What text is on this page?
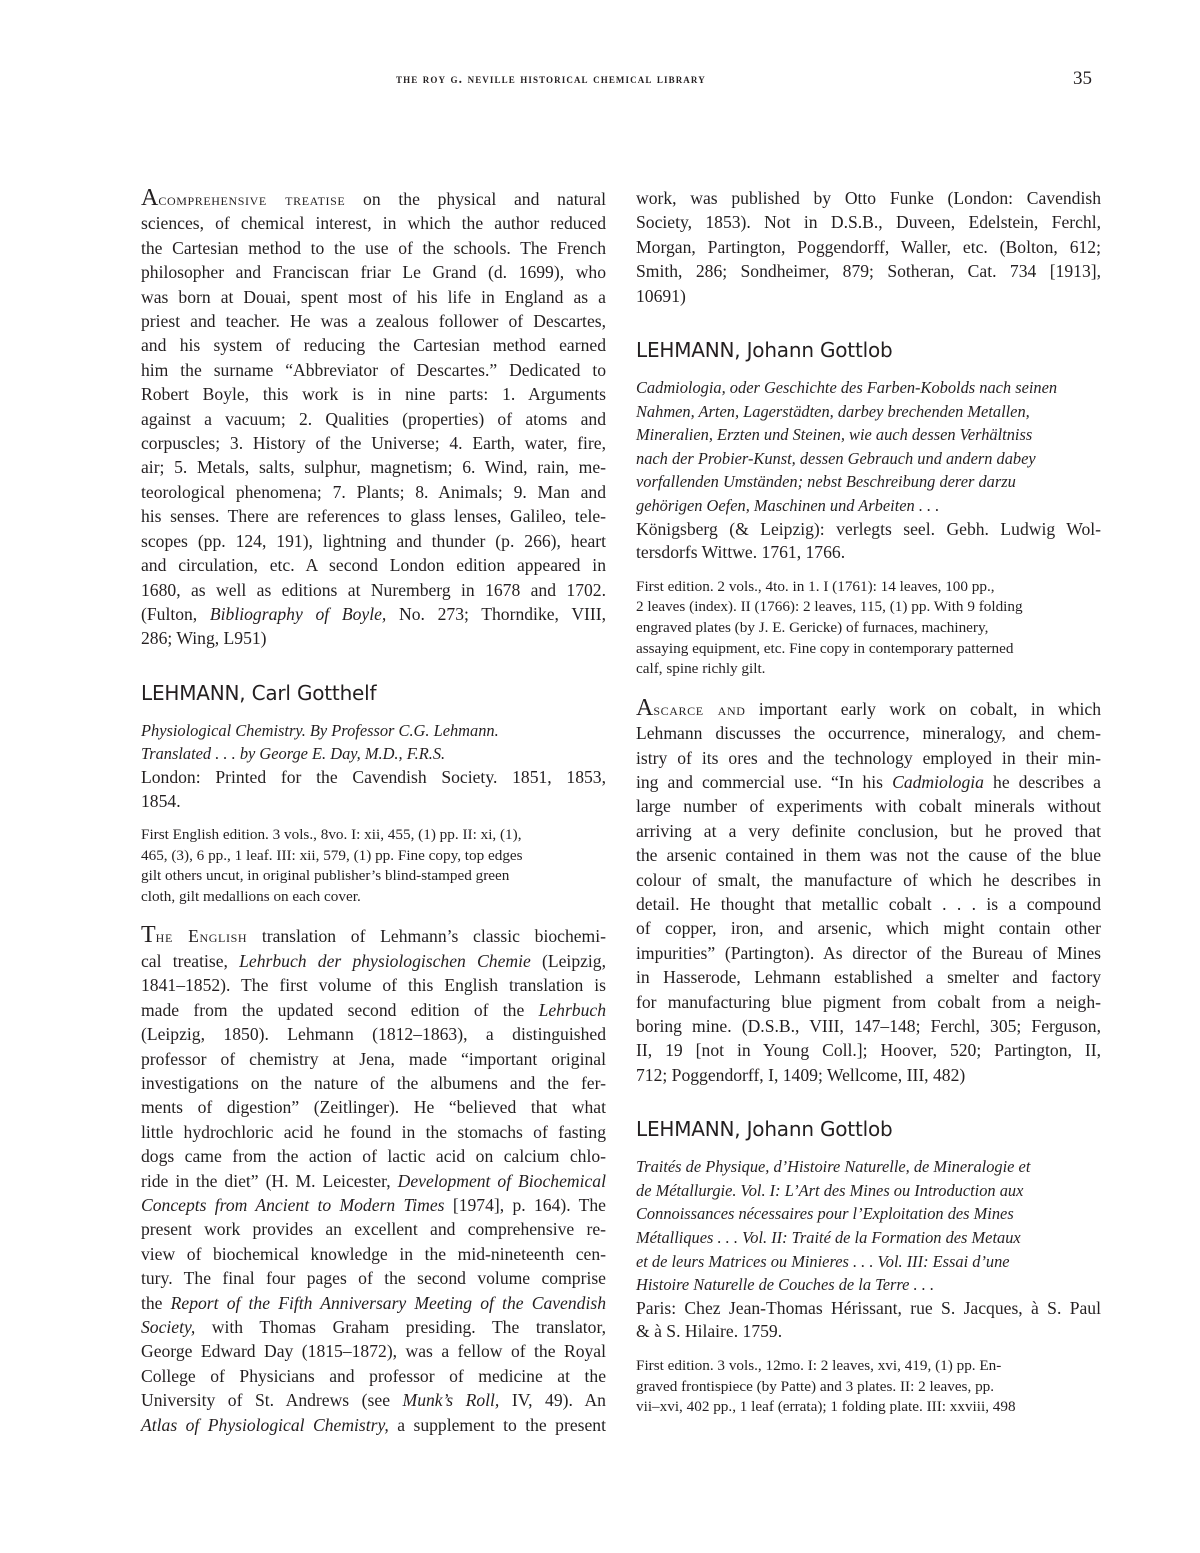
the roy g. neville historical chemical library	35

Acomprehensive treatise on the physical and natural
sciences, of chemical interest, in which the author reduced
the Cartesian method to the use of the schools. The French
philosopher and Franciscan friar Le Grand (d. 1699), who
was born at Douai, spent most of his life in England as a
priest and teacher. He was a zealous follower of Descartes,
and his system of reducing the Cartesian method earned
him the surname “Abbreviator of Descartes.” Dedicated to
Robert Boyle, this work is in nine parts: 1. Arguments
against a vacuum; 2. Qualities (properties) of atoms and
corpuscles; 3. History of the Universe; 4. Earth, water, fire,
air; 5. Metals, salts, sulphur, magnetism; 6. Wind, rain, me-
teorological phenomena; 7. Plants; 8. Animals; 9. Man and
his senses. There are references to glass lenses, Galileo, tele-
scopes (pp. 124, 191), lightning and thunder (p. 266), heart
and circulation, etc. A second London edition appeared in
1680, as well as editions at Nuremberg in 1678 and 1702.
(Fulton, Bibliography of Boyle, No. 273; Thorndike, VIII,
286; Wing, L951)

LEHMANN, Carl Gotthelf

Physiological Chemistry. By Professor C.G. Lehmann.
Translated . . . by George E. Day, M.D., F.R.S.

London: Printed for the Cavendish Society. 1851, 1853,
1854.

First English edition. 3 vols., 8vo. I: xii, 455, (1) pp. II: xi, (1),
465, (3), 6 pp., 1 leaf. III: xii, 579, (1) pp. Fine copy, top edges
gilt others uncut, in original publisher’s blind-stamped green
cloth, gilt medallions on each cover.

The English translation of Lehmann’s classic biochemi-
cal treatise, Lehrbuch der physiologischen Chemie (Leipzig,
1841–1852). The first volume of this English translation is
made from the updated second edition of the Lehrbuch
(Leipzig, 1850). Lehmann (1812–1863), a distinguished
professor of chemistry at Jena, made “important original
investigations on the nature of the albumens and the fer-
ments of digestion” (Zeitlinger). He “believed that what
little hydrochloric acid he found in the stomachs of fasting
dogs came from the action of lactic acid on calcium chlo-
ride in the diet” (H. M. Leicester, Development of Biochemical
Concepts from Ancient to Modern Times [1974], p. 164). The
present work provides an excellent and comprehensive re-
view of biochemical knowledge in the mid-nineteenth cen-
tury. The final four pages of the second volume comprise
the Report of the Fifth Anniversary Meeting of the Cavendish
Society, with Thomas Graham presiding. The translator,
George Edward Day (1815–1872), was a fellow of the Royal
College of Physicians and professor of medicine at the
University of St. Andrews (see Munk’s Roll, IV, 49). An
Atlas of Physiological Chemistry, a supplement to the present

work, was published by Otto Funke (London: Cavendish
Society, 1853). Not in D.S.B., Duveen, Edelstein, Ferchl,
Morgan, Partington, Poggendorff, Waller, etc. (Bolton, 612;
Smith, 286; Sondheimer, 879; Sotheran, Cat. 734 [1913],
10691)

LEHMANN, Johann Gottlob

Cadmiologia, oder Geschichte des Farben-Kobolds nach seinen
Nahmen, Arten, Lagerstädten, darbey brechenden Metallen,
Mineralien, Erzten und Steinen, wie auch dessen Verhältniss
nach der Probier-Kunst, dessen Gebrauch und andern dabey
vorfallenden Umständen; nebst Beschreibung derer darzu
gehörigen Oefen, Maschinen und Arbeiten . . .

Königsberg (& Leipzig): verlegts seel. Gebh. Ludwig Wol-
tersdorfs Wittwe. 1761, 1766.

First edition. 2 vols., 4to. in 1. I (1761): 14 leaves, 100 pp.,
2 leaves (index). II (1766): 2 leaves, 115, (1) pp. With 9 folding
engraved plates (by J. E. Gericke) of furnaces, machinery,
assaying equipment, etc. Fine copy in contemporary patterned
calf, spine richly gilt.

Ascarce and important early work on cobalt, in which
Lehmann discusses the occurrence, mineralogy, and chem-
istry of its ores and the technology employed in their min-
ing and commercial use. “In his Cadmiologia he describes a
large number of experiments with cobalt minerals without
arriving at a very definite conclusion, but he proved that
the arsenic contained in them was not the cause of the blue
colour of smalt, the manufacture of which he describes in
detail. He thought that metallic cobalt . . . is a compound
of copper, iron, and arsenic, which might contain other
impurities” (Partington). As director of the Bureau of Mines
in Hasserode, Lehmann established a smelter and factory
for manufacturing blue pigment from cobalt from a neigh-
boring mine. (D.S.B., VIII, 147–148; Ferchl, 305; Ferguson,
II, 19 [not in Young Coll.]; Hoover, 520; Partington, II,
712; Poggendorff, I, 1409; Wellcome, III, 482)

LEHMANN, Johann Gottlob

Traités de Physique, d’Histoire Naturelle, de Mineralogie et
de Métallurgie. Vol. I: L’Art des Mines ou Introduction aux
Connoissances nécessaires pour l’Exploitation des Mines
Métalliques . . . Vol. II: Traité de la Formation des Metaux
et de leurs Matrices ou Minieres . . . Vol. III: Essai d’une
Histoire Naturelle de Couches de la Terre . . .

Paris: Chez Jean-Thomas Hérissant, rue S. Jacques, à S. Paul
& à S. Hilaire. 1759.

First edition. 3 vols., 12mo. I: 2 leaves, xvi, 419, (1) pp. En-
graved frontispiece (by Patte) and 3 plates. II: 2 leaves, pp.
vii–xvi, 402 pp., 1 leaf (errata); 1 folding plate. III: xxviii, 498
